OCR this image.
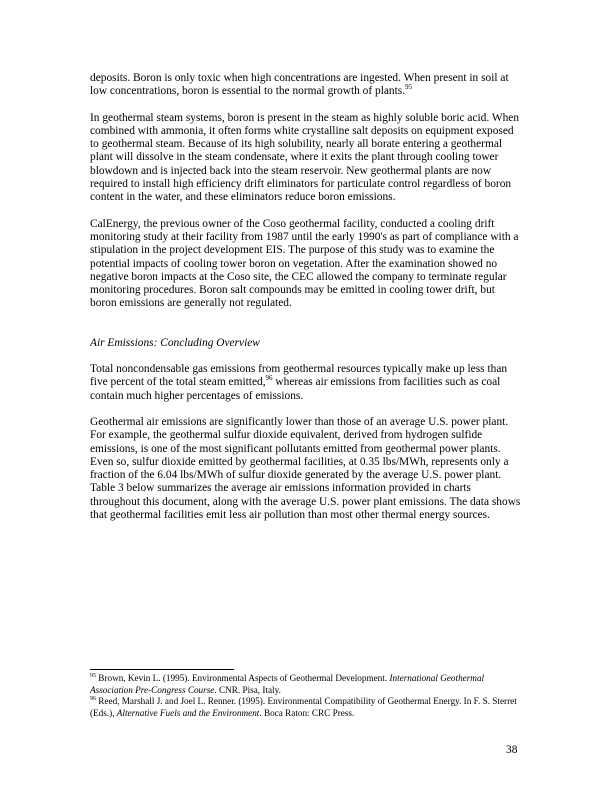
deposits. Boron is only toxic when high concentrations are ingested. When present in soil at low concentrations, boron is essential to the normal growth of plants.$^{95}$

In geothermal steam systems, boron is present in the steam as highly soluble boric acid. When combined with ammonia, it often forms white crystalline salt deposits on equipment exposed to geothermal steam. Because of its high solubility, nearly all borate entering a geothermal plant will dissolve in the steam condensate, where it exits the plant through cooling tower blowdown and is injected back into the steam reservoir. New geothermal plants are now required to install high efficiency drift eliminators for particulate control regardless of boron content in the water, and these eliminators reduce boron emissions.

CalEnergy, the previous owner of the Coso geothermal facility, conducted a cooling drift monitoring study at their facility from 1987 until the early 1990's as part of compliance with a stipulation in the project development EIS. The purpose of this study was to examine the potential impacts of cooling tower boron on vegetation. After the examination showed no negative boron impacts at the Coso site, the CEC allowed the company to terminate regular monitoring procedures. Boron salt compounds may be emitted in cooling tower drift, but boron emissions are generally not regulated.

Air Emissions: Concluding Overview

Total noncondensable gas emissions from geothermal resources typically make up less than five percent of the total steam emitted,$^{96}$ whereas air emissions from facilities such as coal contain much higher percentages of emissions.

Geothermal air emissions are significantly lower than those of an average U.S. power plant. For example, the geothermal sulfur dioxide equivalent, derived from hydrogen sulfide emissions, is one of the most significant pollutants emitted from geothermal power plants. Even so, sulfur dioxide emitted by geothermal facilities, at 0.35 lbs/MWh, represents only a fraction of the 6.04 lbs/MWh of sulfur dioxide generated by the average U.S. power plant. Table 3 below summarizes the average air emissions information provided in charts throughout this document, along with the average U.S. power plant emissions. The data shows that geothermal facilities emit less air pollution than most other thermal energy sources.

$^{95}$ Brown, Kevin L. (1995). Environmental Aspects of Geothermal Development. International Geothermal Association Pre-Congress Course. CNR. Pisa, Italy.

$^{96}$ Reed, Marshall J. and Joel L. Renner. (1995). Environmental Compatibility of Geothermal Energy. In F. S. Sterret (Eds.), Alternative Fuels and the Environment. Boca Raton: CRC Press.

38
